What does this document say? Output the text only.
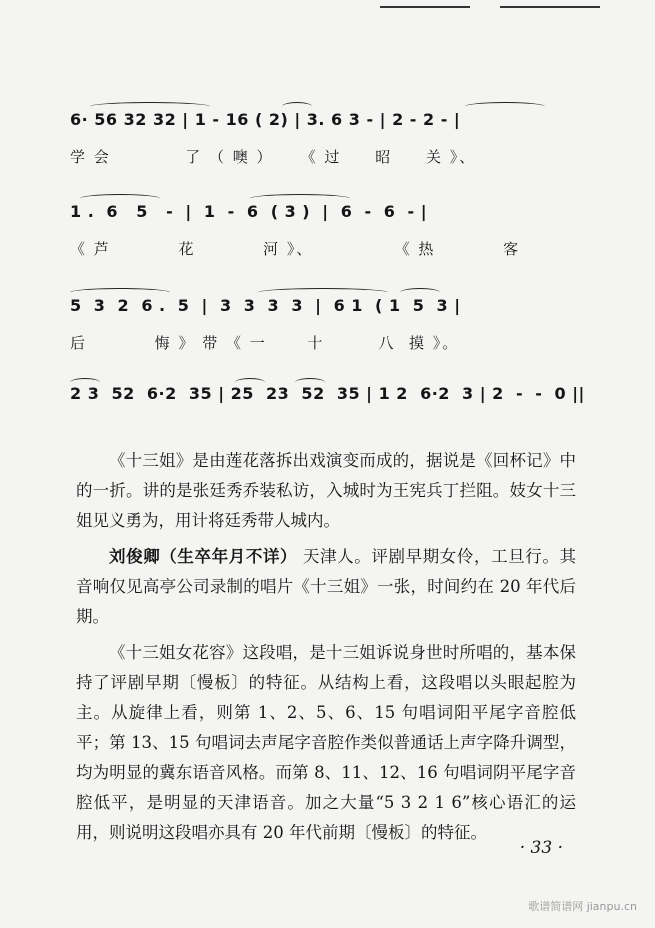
6· 56 32 32 | 1 - 16 ( 2) | 3. 6 3 - | 2 - 2 - |
学 会           了 （ 噢 ）    《 过     昭     关 》、
1 .  6   5   -  |  1  -  6  ( 3 )  |  6  -  6  - |
《 芦          花          河 》、            《 热          客
5  3  2  6 .  5  |  3  3  3  3  |  6 1  ( 1  5  3 |
后          悔 》 带 《 一      十        八  摸 》。
2 3  52  6·2  35 | 25  23  52  35 | 1 2  6·2  3 | 2  -  -  0 ||

《十三姐》是由莲花落拆出戏演变而成的，据说是《回杯记》中的一折。讲的是张廷秀乔装私访，入城时为王宪兵丁拦阻。妓女十三姐见义勇为，用计将廷秀带人城内。

刘俊卿（生卒年月不详） 天津人。评剧早期女伶，工旦行。其音响仅见高亭公司录制的唱片《十三姐》一张，时间约在 20 年代后期。

《十三姐女花容》这段唱，是十三姐诉说身世时所唱的，基本保持了评剧早期〔慢板〕的特征。从结构上看，这段唱以头眼起腔为主。从旋律上看，则第 1、2、5、6、15 句唱词阳平尾字音腔低平；第 13、15 句唱词去声尾字音腔作类似普通话上声字降升调型，均为明显的冀东语音风格。而第 8、11、12、16 句唱词阴平尾字音腔低平，是明显的天津语音。加之大量“5 3 2 1 6”核心语汇的运用，则说明这段唱亦具有 20 年代前期〔慢板〕的特征。

· 33 ·
歌谱简谱网 jianpu.cn
